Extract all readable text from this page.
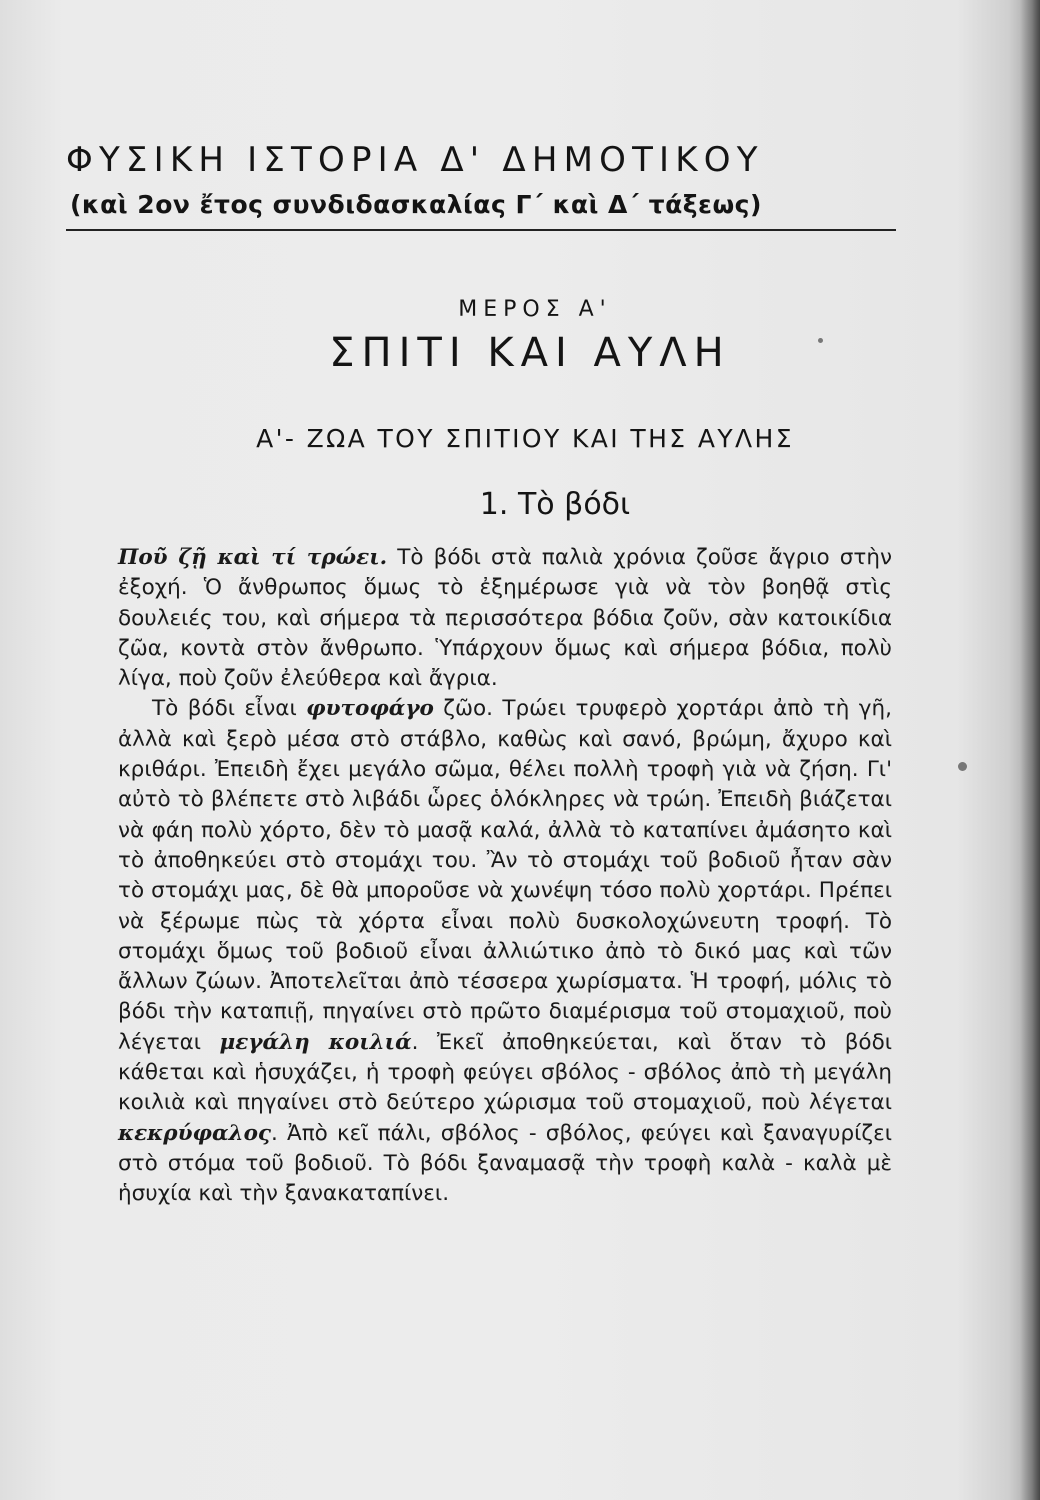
ΦΥΣΙΚΗ ΙΣΤΟΡΙΑ Δ' ΔΗΜΟΤΙΚΟΥ
(καὶ 2ον ἔτος συνδιδασκαλίας Γ΄ καὶ Δ΄ τάξεως)
ΜΕΡΟΣ Α'
ΣΠΙΤΙ ΚΑΙ ΑΥΛΗ
Α'- ΖΩΑ ΤΟΥ ΣΠΙΤΙΟΥ ΚΑΙ ΤΗΣ ΑΥΛΗΣ
1. Τὸ βόδι

Ποῦ ζῇ καὶ τί τρώει. Τὸ βόδι στὰ παλιὰ χρόνια ζοῦσε ἄγριο στὴν ἐξοχή. Ὁ ἄνθρωπος ὅμως τὸ ἐξημέρωσε γιὰ νὰ τὸν βοηθᾷ στὶς δουλειές του, καὶ σήμερα τὰ περισσότερα βόδια ζοῦν, σὰν κατοικίδια ζῶα, κοντὰ στὸν ἄνθρωπο. Ὑπάρχουν ὅμως καὶ σήμερα βόδια, πολὺ λίγα, ποὺ ζοῦν ἐλεύθερα καὶ ἄγρια.

Τὸ βόδι εἶναι φυτοφάγο ζῶο. Τρώει τρυφερὸ χορτάρι ἀπὸ τὴ γῆ, ἀλλὰ καὶ ξερὸ μέσα στὸ στάβλο, καθὼς καὶ σανό, βρώμη, ἄχυρο καὶ κριθάρι. Ἐπειδὴ ἔχει μεγάλο σῶμα, θέλει πολλὴ τροφὴ γιὰ νὰ ζήση. Γι' αὐτὸ τὸ βλέπετε στὸ λιβάδι ὧρες ὁλόκληρες νὰ τρώη. Ἐπειδὴ βιάζεται νὰ φάη πολὺ χόρτο, δὲν τὸ μασᾷ καλά, ἀλλὰ τὸ καταπίνει ἀμάσητο καὶ τὸ ἀποθηκεύει στὸ στομάχι του. Ἂν τὸ στομάχι τοῦ βοδιοῦ ἦταν σὰν τὸ στομάχι μας, δὲ θὰ μποροῦσε νὰ χωνέψη τόσο πολὺ χορτάρι. Πρέπει νὰ ξέρωμε πὼς τὰ χόρτα εἶναι πολὺ δυσκολοχώνευτη τροφή. Τὸ στομάχι ὅμως τοῦ βοδιοῦ εἶναι ἀλλιώτικο ἀπὸ τὸ δικό μας καὶ τῶν ἄλλων ζώων. Ἀποτελεῖται ἀπὸ τέσσερα χωρίσματα. Ἡ τροφή, μόλις τὸ βόδι τὴν καταπιῇ, πηγαίνει στὸ πρῶτο διαμέρισμα τοῦ στομαχιοῦ, ποὺ λέγεται μεγάλη κοιλιά. Ἐκεῖ ἀποθηκεύεται, καὶ ὅταν τὸ βόδι κάθεται καὶ ἡσυχάζει, ἡ τροφὴ φεύγει σβόλος - σβόλος ἀπὸ τὴ μεγάλη κοιλιὰ καὶ πηγαίνει στὸ δεύτερο χώρισμα τοῦ στομαχιοῦ, ποὺ λέγεται κεκρύφαλος. Ἀπὸ κεῖ πάλι, σβόλος - σβόλος, φεύγει καὶ ξαναγυρίζει στὸ στόμα τοῦ βοδιοῦ. Τὸ βόδι ξαναμασᾷ τὴν τροφὴ καλὰ - καλὰ μὲ ἡσυχία καὶ τὴν ξανακαταπίνει.
